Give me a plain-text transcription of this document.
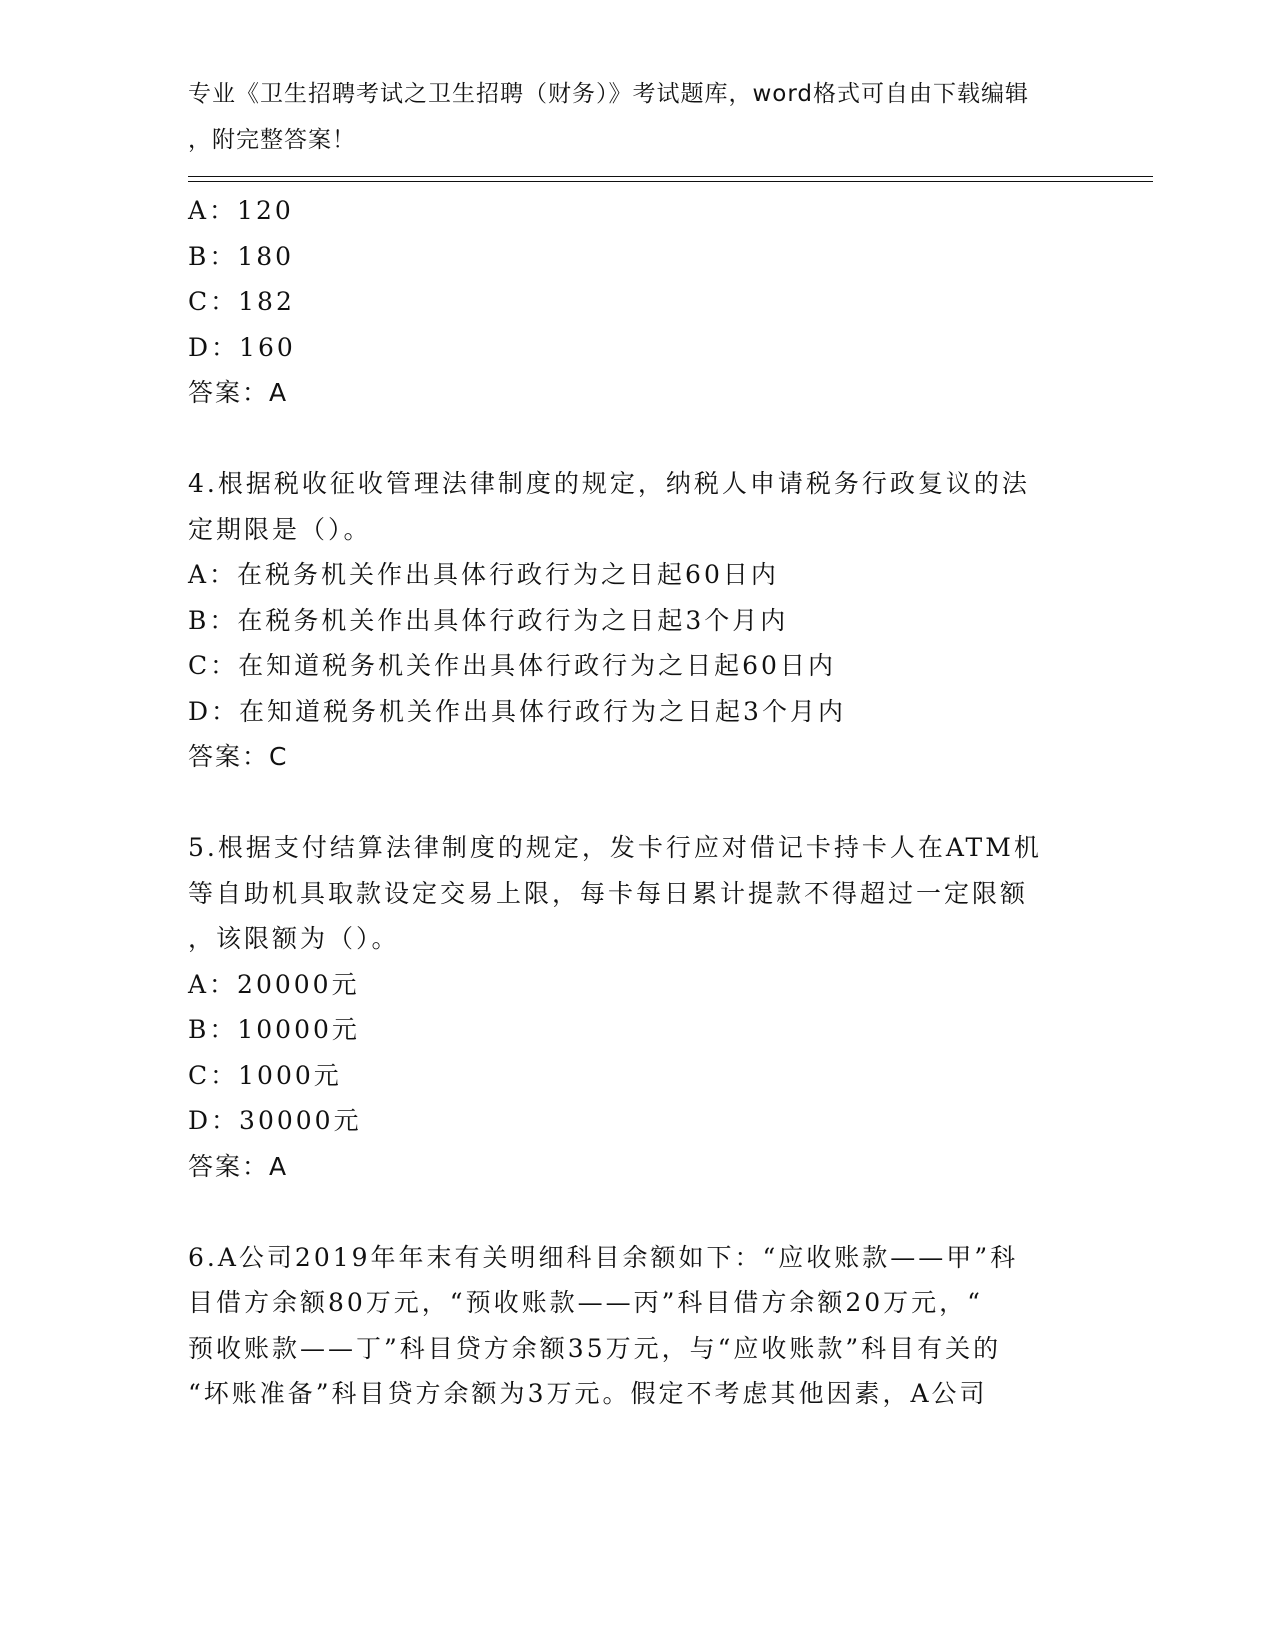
专业《卫生招聘考试之卫生招聘（财务）》考试题库，word格式可自由下载编辑
，附完整答案！
A：120
B：180
C：182
D：160
答案：A
4.根据税收征收管理法律制度的规定，纳税人申请税务行政复议的法
定期限是（）。
A：在税务机关作出具体行政行为之日起60日内
B：在税务机关作出具体行政行为之日起3个月内
C：在知道税务机关作出具体行政行为之日起60日内
D：在知道税务机关作出具体行政行为之日起3个月内
答案：C
5.根据支付结算法律制度的规定，发卡行应对借记卡持卡人在ATM机
等自助机具取款设定交易上限，每卡每日累计提款不得超过一定限额
，该限额为（）。
A：20000元
B：10000元
C：1000元
D：30000元
答案：A
6.A公司2019年年末有关明细科目余额如下：“应收账款——甲”科
目借方余额80万元，“预收账款——丙”科目借方余额20万元，“
预收账款——丁”科目贷方余额35万元，与“应收账款”科目有关的
“坏账准备”科目贷方余额为3万元。假定不考虑其他因素，A公司
